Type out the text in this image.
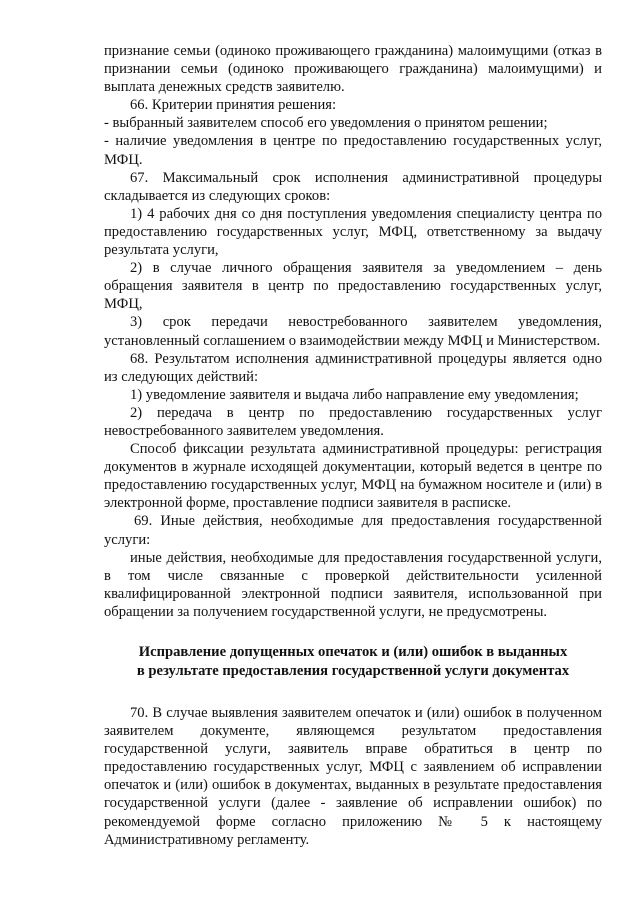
признание семьи (одиноко проживающего гражданина) малоимущими (отказ в признании семьи (одиноко проживающего гражданина) малоимущими) и выплата денежных средств заявителю.

66. Критерии принятия решения:

- выбранный заявителем способ его уведомления о принятом решении;

- наличие уведомления в центре по предоставлению государственных услуг, МФЦ.

67. Максимальный срок исполнения административной процедуры складывается из следующих сроков:

1) 4 рабочих дня со дня поступления уведомления специалисту центра по предоставлению государственных услуг, МФЦ, ответственному за выдачу результата услуги,

2) в случае личного обращения заявителя за уведомлением – день обращения заявителя в центр по предоставлению государственных услуг, МФЦ,

3) срок передачи невостребованного заявителем уведомления, установленный соглашением о взаимодействии между МФЦ и Министерством.

68. Результатом исполнения административной процедуры является одно из следующих действий:

1) уведомление заявителя и выдача либо направление ему уведомления;

2) передача в центр по предоставлению государственных услуг невостребованного заявителем уведомления.

Способ фиксации результата административной процедуры: регистрация документов в журнале исходящей документации, который ведется в центре по предоставлению государственных услуг, МФЦ на бумажном носителе и (или) в электронной форме, проставление подписи заявителя в расписке.

69. Иные действия, необходимые для предоставления государственной услуги:

иные действия, необходимые для предоставления государственной услуги, в том числе связанные с проверкой действительности усиленной квалифицированной электронной подписи заявителя, использованной при обращении за получением государственной услуги, не предусмотрены.

Исправление допущенных опечаток и (или) ошибок в выданных
в результате предоставления государственной услуги документах

70. В случае выявления заявителем опечаток и (или) ошибок в полученном заявителем документе, являющемся результатом предоставления государственной услуги, заявитель вправе обратиться в центр по предоставлению государственных услуг, МФЦ с заявлением об исправлении опечаток и (или) ошибок в документах, выданных в результате предоставления государственной услуги (далее - заявление об исправлении ошибок) по рекомендуемой форме согласно приложению № 5 к настоящему Административному регламенту.
